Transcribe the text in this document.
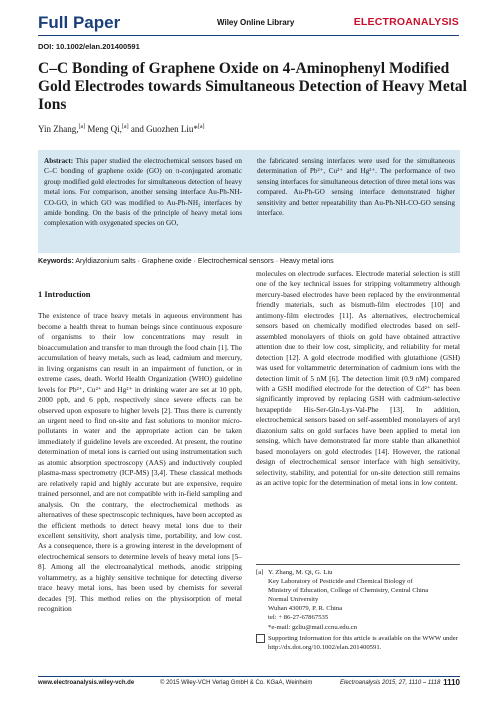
Full Paper	Wiley Online Library	ELECTROANALYSIS
DOI: 10.1002/elan.201400591
C–C Bonding of Graphene Oxide on 4-Aminophenyl Modified Gold Electrodes towards Simultaneous Detection of Heavy Metal Ions
Yin Zhang,[a] Meng Qi,[a] and Guozhen Liu*[a]
Abstract: This paper studied the electrochemical sensors based on C–C bonding of graphene oxide (GO) on π-conjugated aromatic group modified gold electrodes for simultaneous detection of heavy metal ions. For comparison, another sensing interface Au-Ph-NH-CO-GO, in which GO was modified to Au-Ph-NH₂ interfaces by amide bonding. On the basis of the principle of heavy metal ions complexation with oxygenated species on GO,
the fabricated sensing interfaces were used for the simultaneous determination of Pb²⁺, Cu²⁺ and Hg²⁺. The performance of two sensing interfaces for simultaneous detection of three metal ions was compared. Au-Ph-GO sensing interface demonstrated higher sensitivity and better repeatability than Au-Ph-NH-CO-GO sensing interface.
Keywords: Aryldiazonium salts · Graphene oxide · Electrochemical sensors · Heavy metal ions

1 Introduction

The existence of trace heavy metals in aqueous environment has become a health threat to human beings since continuous exposure of organisms to their low concentrations may result in bioaccumulation and transfer to man through the food chain [1]. The accumulation of heavy metals, such as lead, cadmium and mercury, in living organisms can result in an impairment of function, or in extreme cases, death. World Health Organization (WHO) guideline levels for Pb²⁺, Cu²⁺ and Hg²⁺ in drinking water are set at 10 ppb, 2000 ppb, and 6 ppb, respectively since severe effects can be observed upon exposure to higher levels [2]. Thus there is currently an urgent need to find on-site and fast solutions to monitor micro-pollutants in water and the appropriate action can be taken immediately if guideline levels are exceeded. At present, the routine determination of metal ions is carried out using instrumentation such as atomic absorption spectroscopy (AAS) and inductively coupled plasma-mass spectrometry (ICP-MS) [3,4]. These classical methods are relatively rapid and highly accurate but are expensive, require trained personnel, and are not compatible with in-field sampling and analysis. On the contrary, the electrochemical methods as alternatives of these spectroscopic techniques, have been accepted as the efficient methods to detect heavy metal ions due to their excellent sensitivity, short analysis time, portability, and low cost. As a consequence, there is a growing interest in the development of electrochemical sensors to determine levels of heavy metal ions [5–8]. Among all the electroanalytical methods, anodic stripping voltammetry, as a highly sensitive technique for detecting diverse trace heavy metal ions, has been used by chemists for several decades [9]. This method relies on the physisorption of metal recognition

molecules on electrode surfaces. Electrode material selection is still one of the key technical issues for stripping voltammetry although mercury-based electrodes have been replaced by the environmental friendly materials, such as bismuth-film electrodes [10] and antimony-film electrodes [11]. As alternatives, electrochemical sensors based on chemically modified electrodes based on self-assembled monolayers of thiols on gold have obtained attractive attention due to their low cost, simplicity, and reliability for metal detection [12]. A gold electrode modified with glutathione (GSH) was used for voltammetric determination of cadmium ions with the detection limit of 5 nM [6]. The detection limit (0.9 nM) compared with a GSH modified electrode for the detection of Cd²⁺ has been significantly improved by replacing GSH with cadmium-selective hexapeptide His-Ser-Gln-Lys-Val-Phe [13]. In addition, electrochemical sensors based on self-assembled monolayers of aryl diazonium salts on gold surfaces have been applied to metal ion sensing, which have demonstrated far more stable than alkanethiol based monolayers on gold electrodes [14]. However, the rational design of electrochemical sensor interface with high sensitivity, selectivity, stability, and potential for on-site detection still remains as an active topic for the determination of metal ions in low content.
[a] Y. Zhang, M. Qi, G. Liu
Key Laboratory of Pesticide and Chemical Biology of
Ministry of Education, College of Chemistry, Central China
Normal University
Wuhan 430079, P. R. China
tel: + 86-27-67867535
*e-mail: gzliu@mail.ccnu.edu.cn
Supporting Information for this article is available on the WWW under http://dx.doi.org/10.1002/elan.201400591.
www.electroanalysis.wiley-vch.de	© 2015 Wiley-VCH Verlag GmbH & Co. KGaA, Weinheim	Electroanalysis 2015, 27, 1110 – 1118 1110
